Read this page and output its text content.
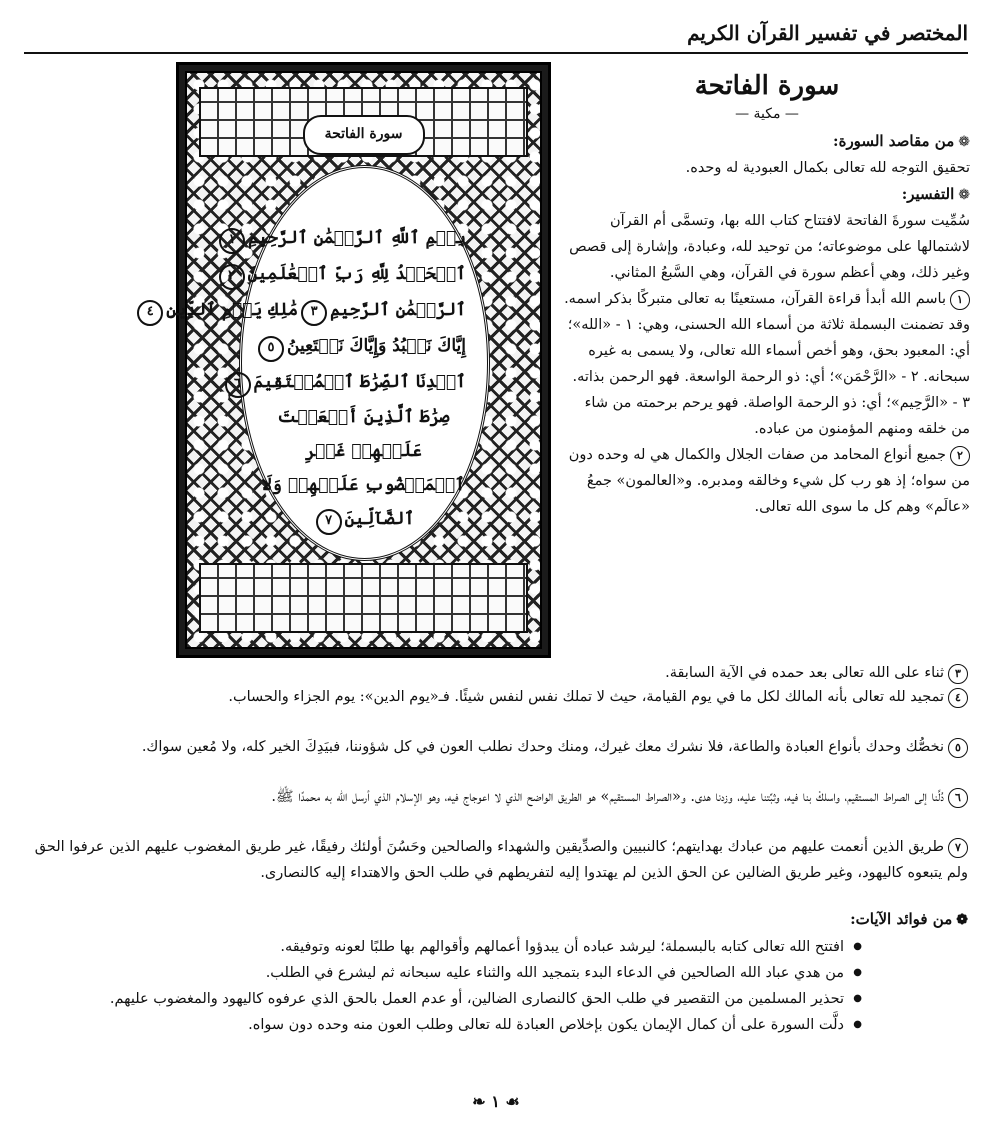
المختصر في تفسير القرآن الكريم
سورة الفاتحة
بِسۡمِ ٱللَّهِ ٱلرَّحۡمَٰنِ ٱلرَّحِيمِ١
ٱلۡحَمۡدُ لِلَّهِ رَبِّ ٱلۡعَٰلَمِينَ٢
ٱلرَّحۡمَٰنِ ٱلرَّحِيمِ٣مَٰلِكِ يَوۡمِ ٱلدِّينِ٤
إِيَّاكَ نَعۡبُدُ وَإِيَّاكَ نَسۡتَعِينُ٥
ٱهۡدِنَا ٱلصِّرَٰطَ ٱلۡمُسۡتَقِيمَ٦
صِرَٰطَ ٱلَّذِينَ أَنۡعَمۡتَ عَلَيۡهِمۡ غَيۡرِ ٱلۡمَغۡضُوبِ عَلَيۡهِمۡ وَلَا ٱلضَّآلِّينَ٧
سورة الفاتحة
— مكية —

❁من مقاصد السورة:

تحقيق التوجه لله تعالى بكمال العبودية له وحده.

❁التفسير:

سُمِّيت سورةَ الفاتحة لافتتاح كتاب الله بها، وتسمَّى أم القرآن لاشتمالها على موضوعاته؛ من توحيد لله، وعبادة، وإشارة إلى قصص وغير ذلك، وهي أعظم سورة في القرآن، وهي السَّبعُ المثاني.

١باسم الله أبدأ قراءة القرآن، مستعينًا به تعالى متبركًا بذكر اسمه. وقد تضمنت البسملة ثلاثة من أسماء الله الحسنى، وهي: ١ - «الله»؛ أي: المعبود بحق، وهو أخص أسماء الله تعالى، ولا يسمى به غيره سبحانه. ٢ - «الرَّحْمَن»؛ أي: ذو الرحمة الواسعة. فهو الرحمن بذاته. ٣ - «الرَّحِيم»؛ أي: ذو الرحمة الواصلة. فهو يرحم برحمته من شاء من خلقه ومنهم المؤمنون من عباده.

٢جميع أنواع المحامد من صفات الجلال والكمال هي له وحده دون من سواه؛ إذ هو رب كل شيء وخالقه ومدبره. و«العالمون» جمعُ «عالَم» وهم كل ما سوى الله تعالى.

٣ثناء على الله تعالى بعد حمده في الآية السابقة.
٤تمجيد لله تعالى بأنه المالك لكل ما في يوم القيامة، حيث لا تملك نفس لنفس شيئًا. فـ«يوم الدين»: يوم الجزاء والحساب.
٥نخصُّك وحدك بأنواع العبادة والطاعة، فلا نشرك معك غيرك، ومنك وحدك نطلب العون في كل شؤوننا، فبيَدِكَ الخير كله، ولا مُعين سواك.
٦دُلَّنا إلى الصراط المستقيم، واسلكْ بنا فيه، وثبِّتنا عليه، وزدنا هدى. و«الصراط المستقيم» هو الطريق الواضح الذي لا اعوجاج فيه، وهو الإسلام الذي أرسل الله به محمدًا ﷺ.
٧طريق الذين أنعمت عليهم من عبادك بهدايتهم؛ كالنبيين والصدِّيقين والشهداء والصالحين وحَسُنَ أولئك رفيقًا، غير طريق المغضوب عليهم الذين عرفوا الحق ولم يتبعوه كاليهود، وغير طريق الضالين عن الحق الذين لم يهتدوا إليه لتفريطهم في طلب الحق والاهتداء إليه كالنصارى.
❁من فوائد الآيات:
● افتتح الله تعالى كتابه بالبسملة؛ ليرشد عباده أن يبدؤوا أعمالهم وأقوالهم بها طلبًا لعونه وتوفيقه.
● من هدي عباد الله الصالحين في الدعاء البدء بتمجيد الله والثناء عليه سبحانه ثم ليشرع في الطلب.
● تحذير المسلمين من التقصير في طلب الحق كالنصارى الضالين، أو عدم العمل بالحق الذي عرفوه كاليهود والمغضوب عليهم.
● دلَّت السورة على أن كمال الإيمان يكون بإخلاص العبادة لله تعالى وطلب العون منه وحده دون سواه.
❧ ١ ☙
